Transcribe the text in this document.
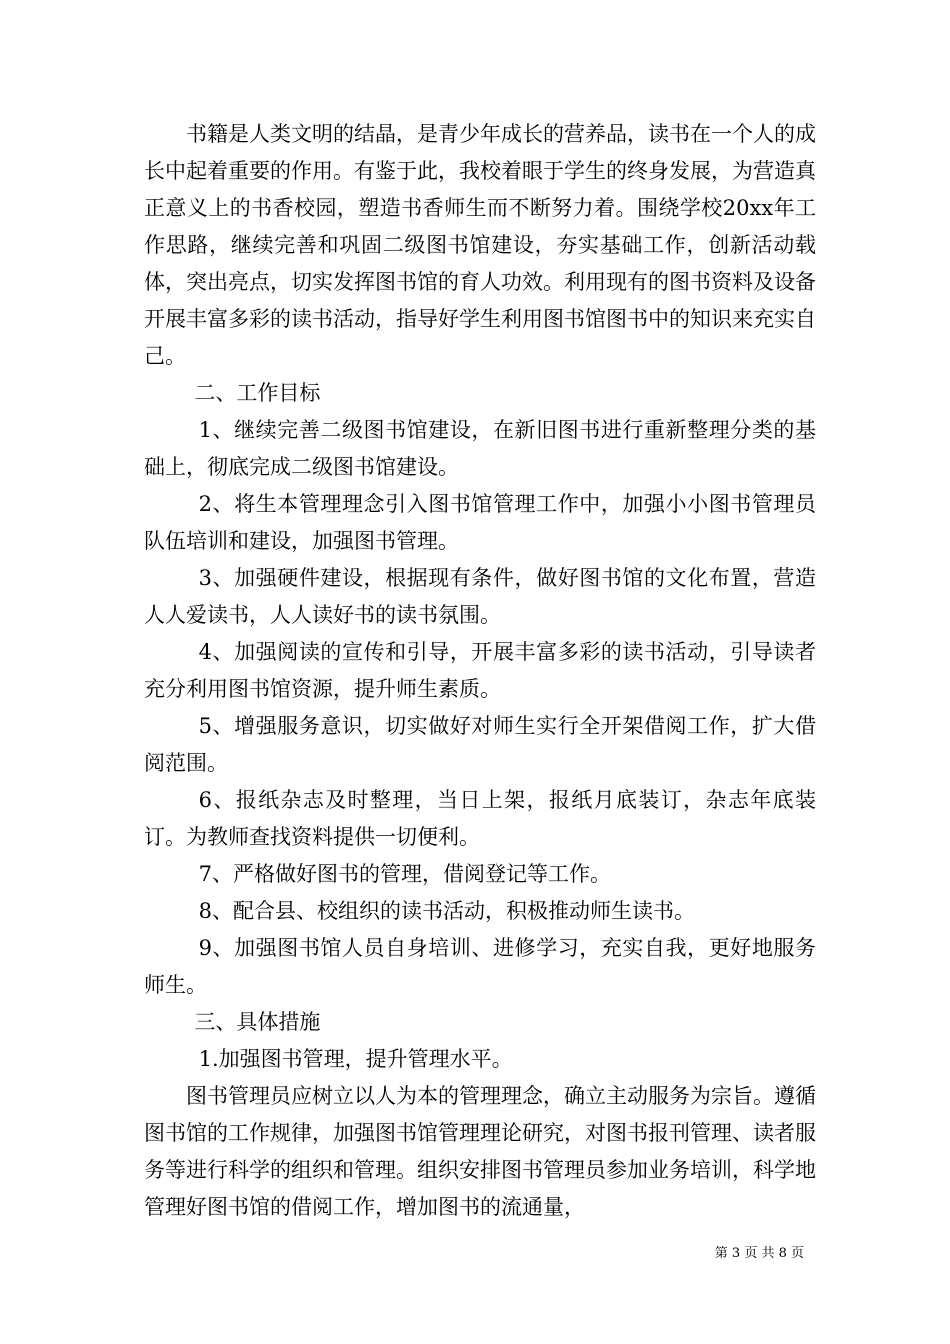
书籍是人类文明的结晶，是青少年成长的营养品，读书在一个人的成长中起着重要的作用。有鉴于此，我校着眼于学生的终身发展，为营造真正意义上的书香校园，塑造书香师生而不断努力着。围绕学校20xx年工作思路，继续完善和巩固二级图书馆建设，夯实基础工作，创新活动载体，突出亮点，切实发挥图书馆的育人功效。利用现有的图书资料及设备开展丰富多彩的读书活动，指导好学生利用图书馆图书中的知识来充实自己。

二、工作目标

1、继续完善二级图书馆建设，在新旧图书进行重新整理分类的基础上，彻底完成二级图书馆建设。

2、将生本管理理念引入图书馆管理工作中，加强小小图书管理员队伍培训和建设，加强图书管理。

3、加强硬件建设，根据现有条件，做好图书馆的文化布置，营造人人爱读书，人人读好书的读书氛围。

4、加强阅读的宣传和引导，开展丰富多彩的读书活动，引导读者充分利用图书馆资源，提升师生素质。

5、增强服务意识，切实做好对师生实行全开架借阅工作，扩大借阅范围。

6、报纸杂志及时整理，当日上架，报纸月底装订，杂志年底装订。为教师查找资料提供一切便利。

7、严格做好图书的管理，借阅登记等工作。

8、配合县、校组织的读书活动，积极推动师生读书。

9、加强图书馆人员自身培训、进修学习，充实自我，更好地服务师生。

三、具体措施

1.加强图书管理，提升管理水平。

图书管理员应树立以人为本的管理理念，确立主动服务为宗旨。遵循图书馆的工作规律，加强图书馆管理理论研究，对图书报刊管理、读者服务等进行科学的组织和管理。组织安排图书管理员参加业务培训，科学地管理好图书馆的借阅工作，增加图书的流通量，

第 3 页 共 8 页
